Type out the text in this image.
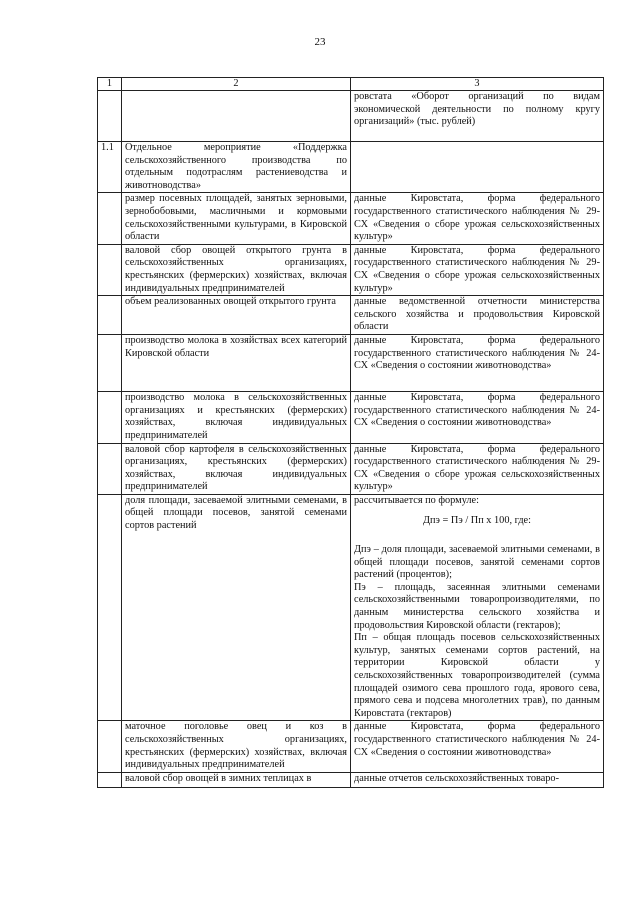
23
1	2	3
		ровстата «Оборот организаций по видам экономической деятельности по полному кругу организаций» (тыс. рублей)
1.1	Отдельное мероприятие «Поддержка сельскохозяйственного производства по отдельным подотраслям растениеводства и животноводства»	
	размер посевных площадей, занятых зерновыми, зернобобовыми, масличными и кормовыми сельскохозяйственными культурами, в Кировской области	данные Кировстата, форма федерального государственного статистического наблюдения № 29-СХ «Сведения о сборе урожая сельскохозяйственных культур»
	валовой сбор овощей открытого грунта в сельскохозяйственных организациях, крестьянских (фермерских) хозяйствах, включая индивидуальных предпринимателей	данные Кировстата, форма федерального государственного статистического наблюдения № 29-СХ «Сведения о сборе урожая сельскохозяйственных культур»
	объем реализованных овощей открытого грунта	данные ведомственной отчетности министерства сельского хозяйства и продовольствия Кировской области
	производство молока в хозяйствах всех категорий Кировской области	данные Кировстата, форма федерального государственного статистического наблюдения № 24-СХ «Сведения о состоянии животноводства»
	производство молока в сельскохозяйственных организациях и крестьянских (фермерских) хозяйствах, включая индивидуальных предпринимателей	данные Кировстата, форма федерального государственного статистического наблюдения № 24-СХ «Сведения о состоянии животноводства»
	валовой сбор картофеля в сельскохозяйственных организациях, крестьянских (фермерских) хозяйствах, включая индивидуальных предпринимателей	данные Кировстата, форма федерального государственного статистического наблюдения № 29-СХ «Сведения о сборе урожая сельскохозяйственных культур»
	доля площади, засеваемой элитными семенами, в общей площади посевов, занятой семенами сортов растений	рассчитывается по формуле:
Дпэ = Пэ / Пп х 100, где:
Дпэ – доля площади, засеваемой элитными семенами, в общей площади посевов, занятой семенами сортов растений (процентов);
Пэ – площадь, засеянная элитными семенами сельскохозяйственными товаропроизводителями, по данным министерства сельского хозяйства и продовольствия Кировской области (гектаров);
Пп – общая площадь посевов сельскохозяйственных культур, занятых семенами сортов растений, на территории Кировской области у сельскохозяйственных товаропроизводителей (сумма площадей озимого сева прошлого года, ярового сева, прямого сева и подсева многолетних трав), по данным Кировстата (гектаров)

	маточное поголовье овец и коз в сельскохозяйственных организациях, крестьянских (фермерских) хозяйствах, включая индивидуальных предпринимателей	данные Кировстата, форма федерального государственного статистического наблюдения № 24-СХ «Сведения о состоянии животноводства»
	валовой сбор овощей в зимних теплицах в	данные отчетов сельскохозяйственных товаро-
